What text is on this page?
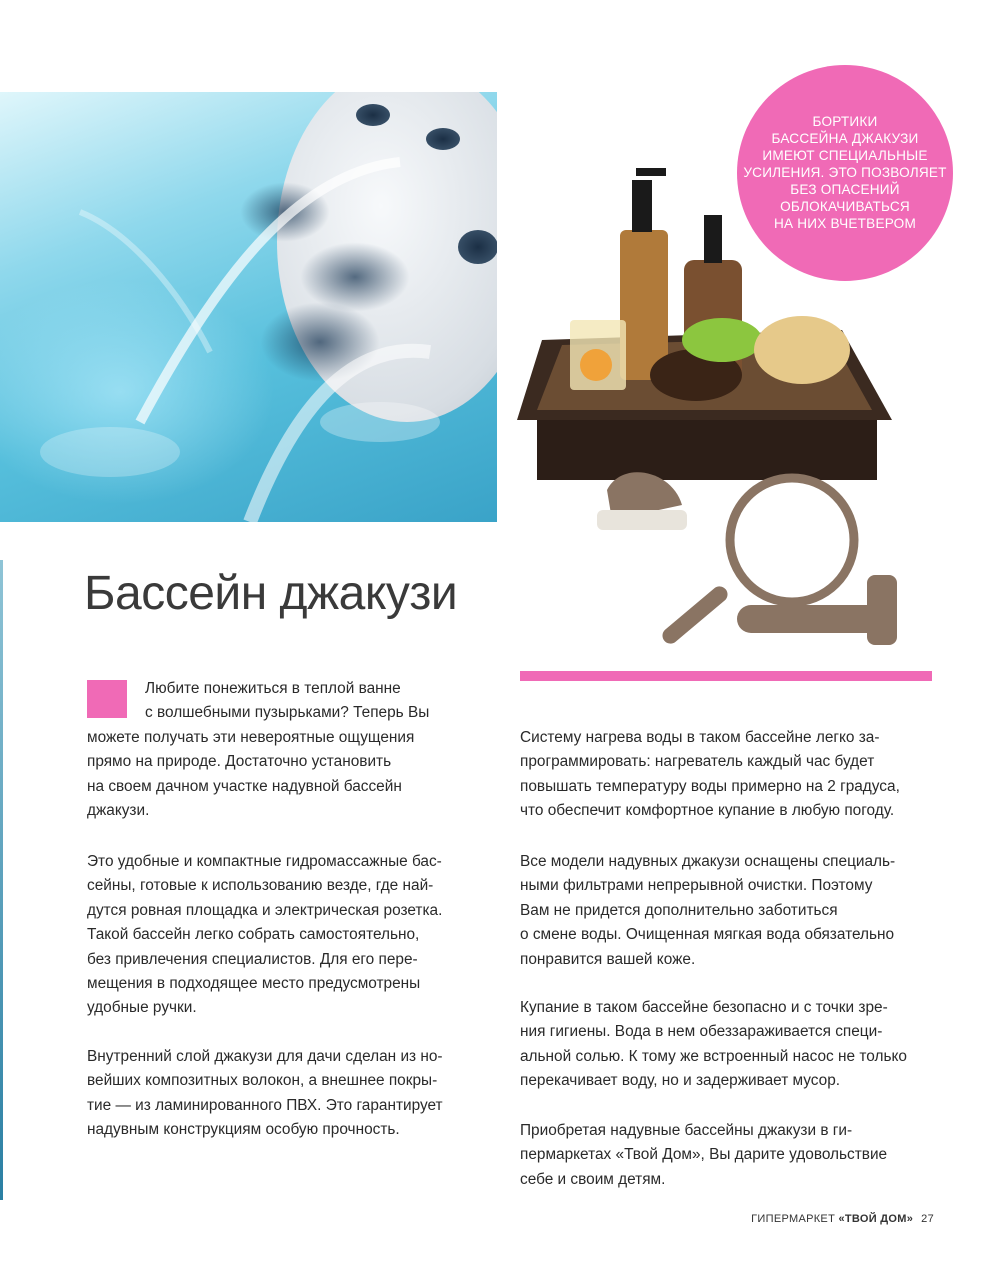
БОРТИКИ
БАССЕЙНА ДЖАКУЗИ
ИМЕЮТ СПЕЦИАЛЬНЫЕ
УСИЛЕНИЯ. ЭТО ПОЗВОЛЯЕТ
БЕЗ ОПАСЕНИЙ
ОБЛОКАЧИВАТЬСЯ
НА НИХ ВЧЕТВЕРОМ
Бассейн джакузи

Любите понежиться в теплой ванне
с волшебными пузырьками? Теперь Вы

можете получать эти невероятные ощущения
прямо на природе. Достаточно установить
на своем дачном участке надувной бассейн
джакузи.

Это удобные и компактные гидромассажные бас-
сейны, готовые к использованию везде, где най-
дутся ровная площадка и электрическая розетка.
Такой бассейн легко собрать самостоятельно,
без привлечения специалистов. Для его пере-
мещения в подходящее место предусмотрены
удобные ручки.

Внутренний слой джакузи для дачи сделан из но-
вейших композитных волокон, а внешнее покры-
тие — из ламинированного ПВХ. Это гарантирует
надувным конструкциям особую прочность.

Систему нагрева воды в таком бассейне легко за-
программировать: нагреватель каждый час будет
повышать температуру воды примерно на 2 градуса,
что обеспечит комфортное купание в любую погоду.

Все модели надувных джакузи оснащены специаль-
ными фильтрами непрерывной очистки. Поэтому
Вам не придется дополнительно заботиться
о смене воды. Очищенная мягкая вода обязательно
понравится вашей коже.

Купание в таком бассейне безопасно и с точки зре-
ния гигиены. Вода в нем обеззараживается специ-
альной солью. К тому же встроенный насос не только
перекачивает воду, но и задерживает мусор.

Приобретая надувные бассейны джакузи в ги-
пермаркетах «Твой Дом», Вы дарите удовольствие
себе и своим детям.

ГИПЕРМАРКЕТ «ТВОЙ ДОМ» 27
